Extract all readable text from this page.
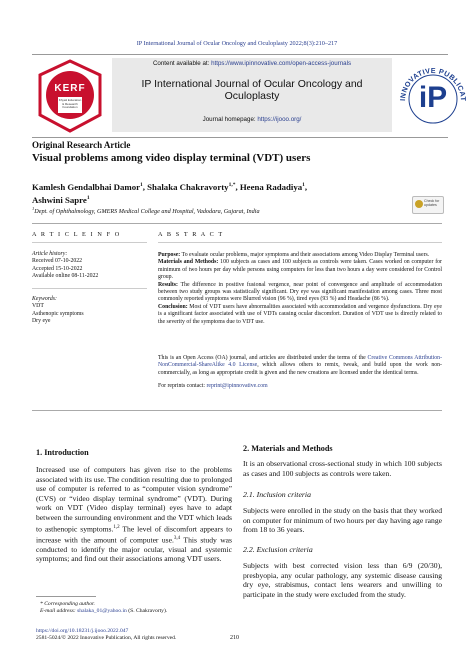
IP International Journal of Ocular Oncology and Oculoplasty 2022;8(3):210–217
KERF
Khyati Education & Research Foundation
Content available at: https://www.ipinnovative.com/open-access-journals
IP International Journal of Ocular Oncology and
Oculoplasty
Journal homepage: https://ijooo.org/
INNOVATIVE PUBLICAT
iP
Original Research Article
Visual problems among video display terminal (VDT) users
Kamlesh Gendalbhai Damor$^1$, Shalaka Chakravorty$^{1,*}$, Heena Radadiya$^1$,
Ashwini Sapre$^1$
$^1$Dept. of Ophthalmology, GMERS Medical College and Hospital, Vadodara, Gujarat, India
Check for updates
A R T I C L E I N F O
Article history:
Received 07-10-2022
Accepted 15-10-2022
Available online 08-11-2022
Keywords:
VDT
Asthenopic symptoms
Dry eye
A B S T R A C T
Purpose: To evaluate ocular problems, major symptoms and their associations among Video Display Terminal users.
Materials and Methods: 100 subjects as cases and 100 subjects as controls were taken. Cases worked on computer for minimum of two hours per day while persons using computers for less than two hours a day were considered for Control group.
Results: The difference in positive fusional vergence, near point of convergence and amplitude of accommodation between two study groups was statistically significant. Dry eye was significant manifestation among cases. Three most commonly reported symptoms were Blurred vision (96 %), tired eyes (93 %) and Headache (86 %).
Conclusion: Most of VDT users have abnormalities associated with accommodation and vergence dysfunctions. Dry eye is a significant factor associated with use of VDTs causing ocular discomfort. Duration of VDT use is directly related to the severity of the symptoms due to VDT use.
This is an Open Access (OA) journal, and articles are distributed under the terms of the Creative Commons Attribution-NonCommercial-ShareAlike 4.0 License, which allows others to remix, tweak, and build upon the work non-commercially, as long as appropriate credit is given and the new creations are licensed under the identical terms.
For reprints contact: reprint@ipinnovative.com
1. Introduction
Increased use of computers has given rise to the problems associated with its use. The condition resulting due to prolonged use of computer is referred to as “computer vision syndrome” (CVS) or “video display terminal syndrome” (VDT). During work on VDT (Video display terminal) eyes have to adapt between the surrounding environment and the VDT which leads to asthenopic symptoms.$^{1,2}$ The level of discomfort appears to increase with the amount of computer use.$^{3,4}$ This study was conducted to identify the major ocular, visual and systemic symptoms; and find out their associations among VDT users.
2. Materials and Methods
It is an observational cross-sectional study in which 100 subjects as cases and 100 subjects as controls were taken.
2.1. Inclusion criteria
Subjects were enrolled in the study on the basis that they worked on computer for minimum of two hours per day having age range from 18 to 36 years.
2.2. Exclusion criteria
Subjects with best corrected vision less than 6/9 (20/30), presbyopia, any ocular pathology, any systemic disease causing dry eye, strabismus, contact lens wearers and unwilling to participate in the study were excluded from the study.
* Corresponding author.
E-mail address: shalaka_01@yahoo.in (S. Chakravorty).
https://doi.org/10.18231/j.ijooo.2022.047
2581-5024/© 2022 Innovative Publication, All rights reserved.	210
